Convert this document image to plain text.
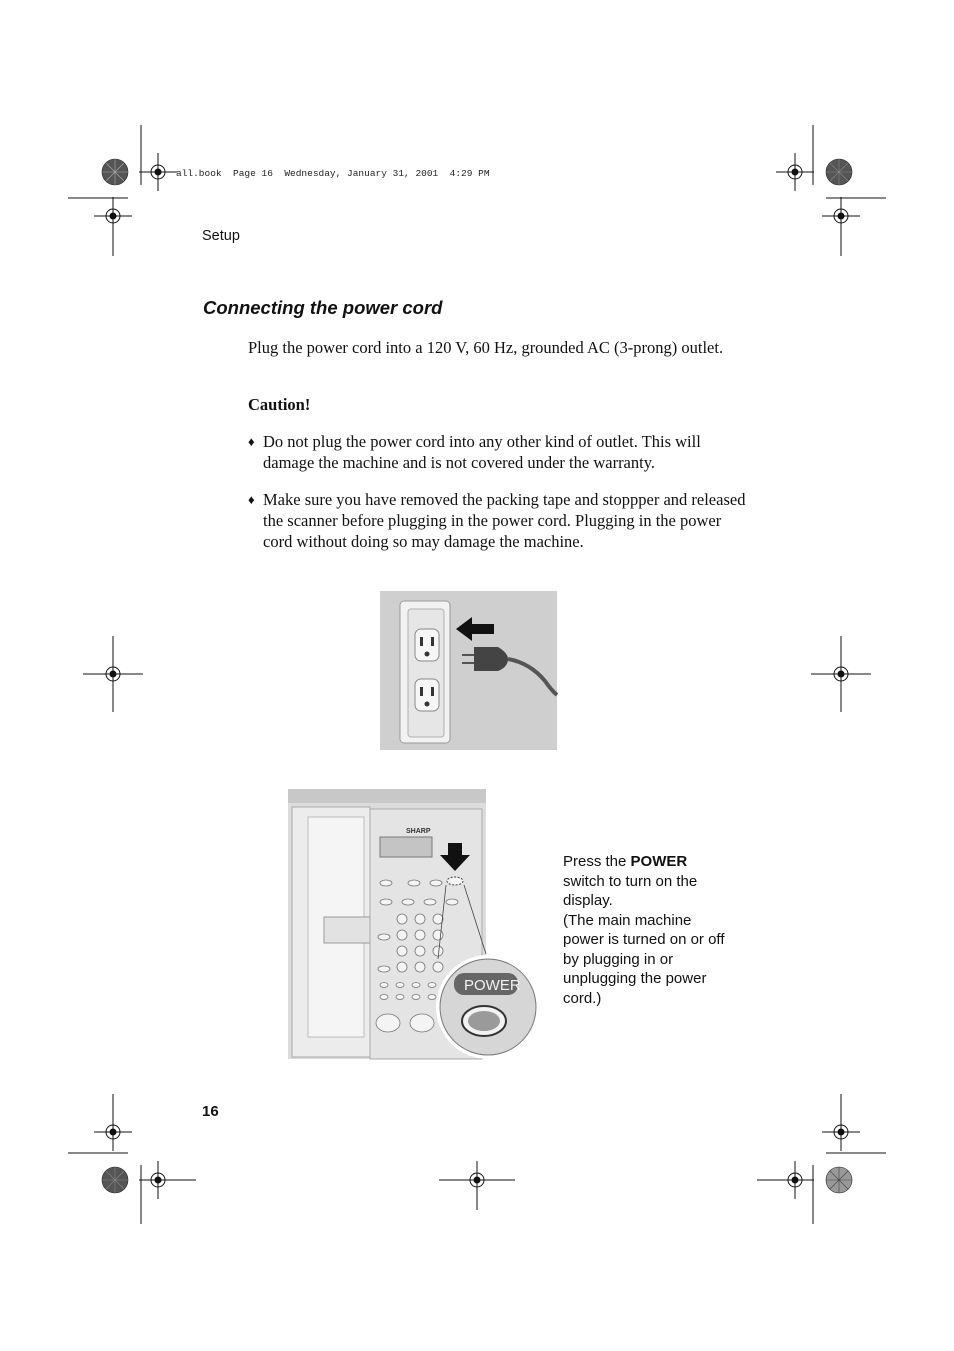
all.book  Page 16  Wednesday, January 31, 2001  4:29 PM
Setup
Connecting the power cord

Plug the power cord into a 120 V, 60 Hz, grounded AC (3-prong) outlet.

Caution!

♦ Do not plug the power cord into any other kind of outlet. This will damage the machine and is not covered under the warranty.
♦ Make sure you have removed the packing tape and stoppper and released the scanner before plugging in the power cord. Plugging in the power cord without doing so may damage the machine.
SHARP
POWER
Press the POWER
switch to turn on the display.
(The main machine power is turned on or off by plugging in or unplugging the power cord.)
16
